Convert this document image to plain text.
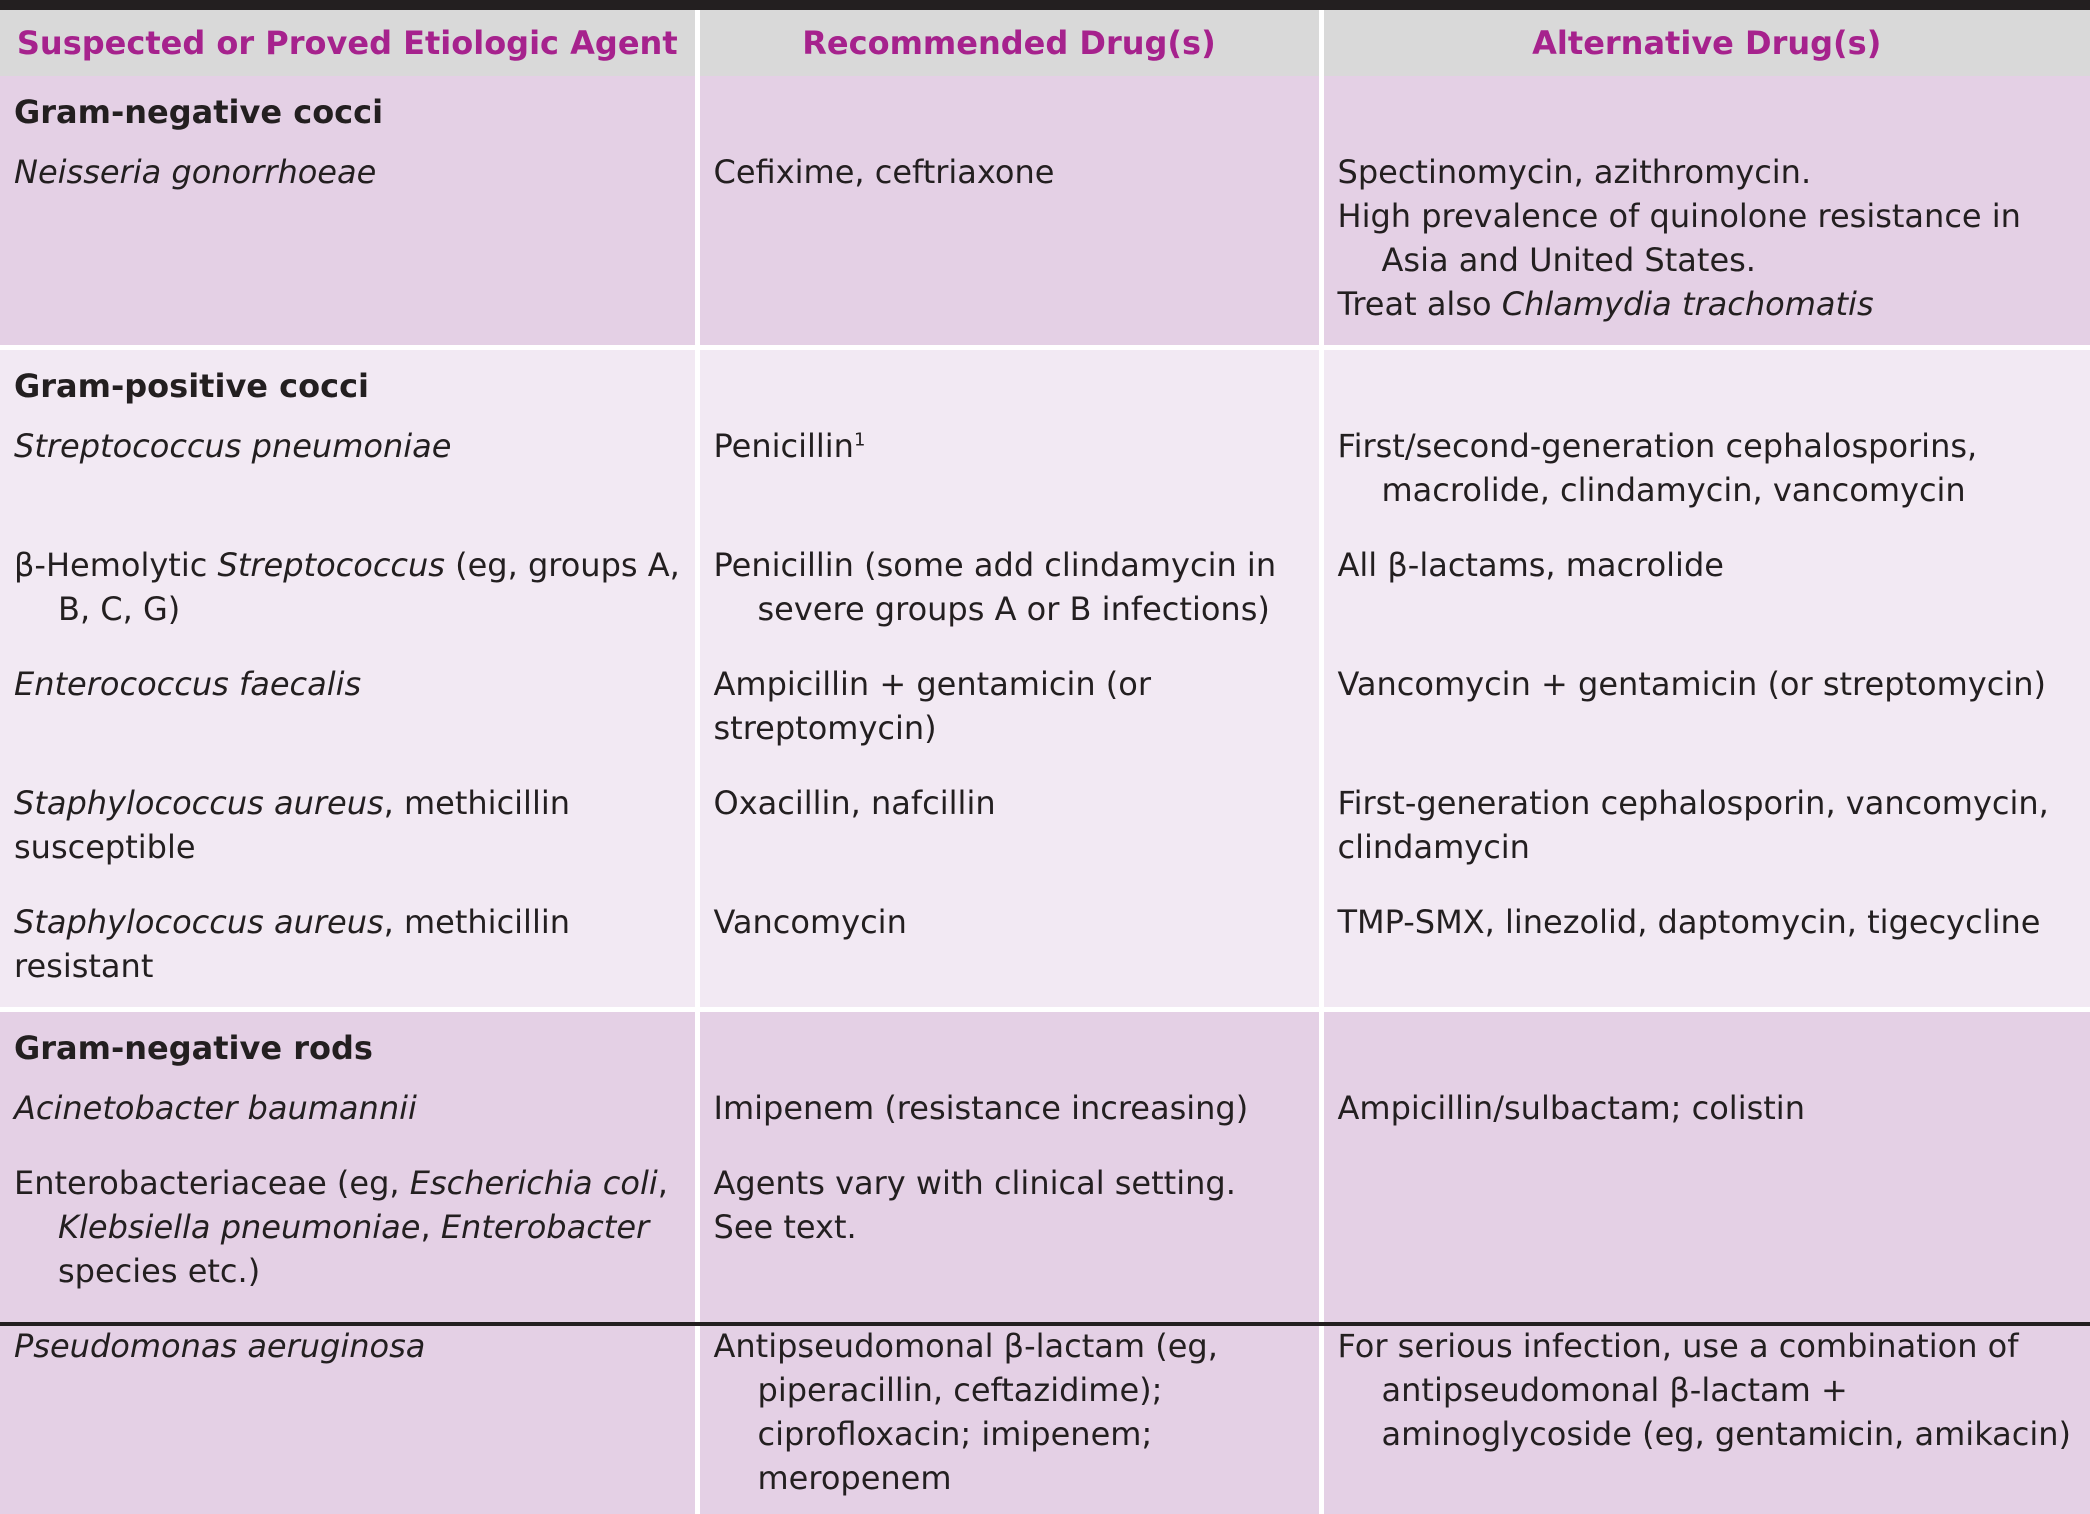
Suspected or Proved Etiologic Agent	Recommended Drug(s)	Alternative Drug(s)
Gram-negative cocci		
Neisseria gonorrhoeae	Cefixime, ceftriaxone	Spectinomycin, azithromycin.

High prevalence of quinolone resistance in Asia and United States.

Treat also Chlamydia trachomatis

Gram-positive cocci		
Streptococcus pneumoniae	Penicillin$^1$	First/second-generation cephalosporins, macrolide, clindamycin, vancomycin

β-Hemolytic Streptococcus (eg, groups A, B, C, G)	Penicillin (some add clindamycin in severe groups A or B infections)	All β-lactams, macrolide
Enterococcus faecalis	Ampicillin + gentamicin (or streptomycin)	Vancomycin + gentamicin (or streptomycin)
Staphylococcus aureus, methicillin susceptible	Oxacillin, nafcillin	First-generation cephalosporin, vancomycin, clindamycin
Staphylococcus aureus, methicillin resistant	Vancomycin	TMP-SMX, linezolid, daptomycin, tigecycline
Gram-negative rods		
Acinetobacter baumannii	Imipenem (resistance increasing)	Ampicillin/sulbactam; colistin

Enterobacteriaceae (eg, Escherichia coli, Klebsiella pneumoniae, Enterobacter species etc.)	Agents vary with clinical setting. See text.	
Pseudomonas aeruginosa	Antipseudomonal β-lactam (eg, piperacillin, ceftazidime); ciprofloxacin; imipenem; meropenem	For serious infection, use a combination of antipseudomonal β-lactam + aminoglycoside (eg, gentamicin, amikacin)
